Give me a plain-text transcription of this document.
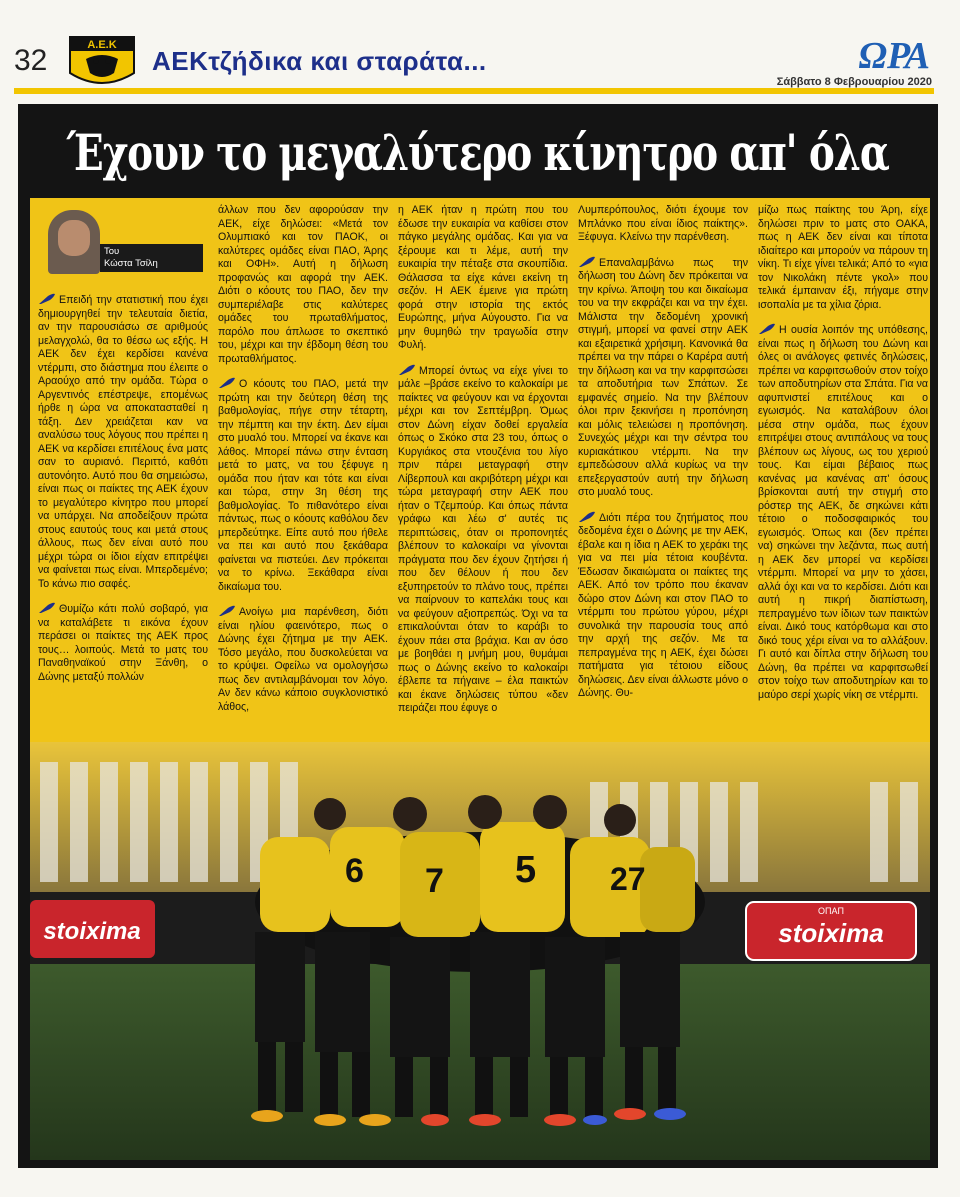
32	Α.Ε.Κ
ΑΕΚτζήδικα και σταράτα...	ΩΡΑ
Σάββατο 8 Φεβρουαρίου 2020
Έχουν το μεγαλύτερο κίνητρο απ' όλα
Του
Κώστα Τσίλη

Επειδή την στατιστική που έχει δημιουργηθεί την τελευταία διετία, αν την παρουσιάσω σε αριθμούς μελαγχολώ, θα το θέσω ως εξής. Η ΑΕΚ δεν έχει κερδίσει κανένα ντέρμπι, στο διάστημα που έλειπε ο Αραούχο από την ομάδα. Τώρα ο Αργεντινός επέστρεψε, επομένως ήρθε η ώρα να αποκατασταθεί η τάξη. Δεν χρειάζεται καν να αναλύσω τους λόγους που πρέπει η ΑΕΚ να κερδίσει επιτέλους ένα ματς σαν το αυριανό. Περιττό, καθότι αυτονόητο. Αυτό που θα σημειώσω, είναι πως οι παίκτες της ΑΕΚ έχουν το μεγαλύτερο κίνητρο που μπορεί να υπάρχει. Να αποδείξουν πρώτα στους εαυτούς τους και μετά στους άλλους, πως δεν είναι αυτό που μέχρι τώρα οι ίδιοι είχαν επιτρέψει να φαίνεται πως είναι. Μπερδεμένο; Το κάνω πιο σαφές.

Θυμίζω κάτι πολύ σοβαρό, για να καταλάβετε τι εικόνα έχουν περάσει οι παίκτες της ΑΕΚ προς τους… λοιπούς. Μετά το ματς του Παναθηναϊκού στην Ξάνθη, ο Δώνης μεταξύ πολλών

άλλων που δεν αφορούσαν την ΑΕΚ, είχε δηλώσει: «Μετά τον Ολυμπιακό και τον ΠΑΟΚ, οι καλύτερες ομάδες είναι ΠΑΟ, Άρης και ΟΦΗ». Αυτή η δήλωση προφανώς και αφορά την ΑΕΚ. Διότι ο κόουτς του ΠΑΟ, δεν την συμπεριέλαβε στις καλύτερες ομάδες του πρωταθλήματος, παρόλο που άπλωσε το σκεπτικό του, μέχρι και την έβδομη θέση του πρωταθλήματος.

Ο κόουτς του ΠΑΟ, μετά την πρώτη και την δεύτερη θέση της βαθμολογίας, πήγε στην τέταρτη, την πέμπτη και την έκτη. Δεν είμαι στο μυαλό του. Μπορεί να έκανε και λάθος. Μπορεί πάνω στην ένταση μετά το ματς, να του ξέφυγε η ομάδα που ήταν και τότε και είναι και τώρα, στην 3η θέση της βαθμολογίας. Το πιθανότερο είναι πάντως, πως ο κόουτς καθόλου δεν μπερδεύτηκε. Είπε αυτό που ήθελε να πει και αυτό που ξεκάθαρα φαίνεται να πιστεύει. Δεν πρόκειται να το κρίνω. Ξεκάθαρα είναι δικαίωμα του.

Ανοίγω μια παρένθεση, διότι είναι ηλίου φαεινότερο, πως ο Δώνης έχει ζήτημα με την ΑΕΚ. Τόσο μεγάλο, που δυσκολεύεται να το κρύψει. Οφείλω να ομολογήσω πως δεν αντιλαμβάνομαι τον λόγο. Αν δεν κάνω κάποιο συγκλονιστικό λάθος,

η ΑΕΚ ήταν η πρώτη που του έδωσε την ευκαιρία να καθίσει στον πάγκο μεγάλης ομάδας. Και για να ξέρουμε και τι λέμε, αυτή την ευκαιρία την πέταξε στα σκουπίδια. Θάλασσα τα είχε κάνει εκείνη τη σεζόν. Η ΑΕΚ έμεινε για πρώτη φορά στην ιστορία της εκτός Ευρώπης, μήνα Αύγουστο. Για να μην θυμηθώ την τραγωδία στην Φυλή.

Μπορεί όντως να είχε γίνει το μάλε –βράσε εκείνο το καλοκαίρι με παίκτες να φεύγουν και να έρχονται μέχρι και τον Σεπτέμβρη. Όμως στον Δώνη είχαν δοθεί εργαλεία όπως ο Σκόκο στα 23 του, όπως ο Κυργιάκος στα ντουζένια του λίγο πριν πάρει μεταγραφή στην Λίβερπουλ και ακριβότερη μέχρι και τώρα μεταγραφή στην ΑΕΚ που ήταν ο Τζεμπούρ. Και όπως πάντα γράφω και λέω σ' αυτές τις περιπτώσεις, όταν οι προπονητές βλέπουν το καλοκαίρι να γίνονται πράγματα που δεν έχουν ζητήσει ή που δεν θέλουν ή που δεν εξυπηρετούν το πλάνο τους, πρέπει να παίρνουν το καπελάκι τους και να φεύγουν αξιοπρεπώς. Όχι να τα επικαλούνται όταν το καράβι το έχουν πάει στα βράχια. Και αν όσο με βοηθάει η μνήμη μου, θυμάμαι πως ο Δώνης εκείνο το καλοκαίρι έβλεπε τα πήγαινε – έλα παικτών και έκανε δηλώσεις τύπου «δεν πειράζει που έφυγε ο

Λυμπερόπουλος, διότι έχουμε τον Μπλάνκο που είναι ίδιος παίκτης». Ξέφυγα. Κλείνω την παρένθεση.

Επαναλαμβάνω πως την δήλωση του Δώνη δεν πρόκειται να την κρίνω. Άποψη του και δικαίωμα του να την εκφράζει και να την έχει. Μάλιστα την δεδομένη χρονική στιγμή, μπορεί να φανεί στην ΑΕΚ και εξαιρετικά χρήσιμη. Κανονικά θα πρέπει να την πάρει ο Καρέρα αυτή την δήλωση και να την καρφιτσώσει τα αποδυτήρια των Σπάτων. Σε εμφανές σημείο. Να την βλέπουν όλοι πριν ξεκινήσει η προπόνηση και μόλις τελειώσει η προπόνηση. Συνεχώς μέχρι και την σέντρα του κυριακάτικου ντέρμπι. Να την εμπεδώσουν αλλά κυρίως να την επεξεργαστούν αυτή την δήλωση στο μυαλό τους.

Διότι πέρα του ζητήματος που δεδομένα έχει ο Δώνης με την ΑΕΚ, έβαλε και η ίδια η ΑΕΚ το χεράκι της για να πει μία τέτοια κουβέντα. Έδωσαν δικαιώματα οι παίκτες της ΑΕΚ. Από τον τρόπο που έκαναν δώρο στον Δώνη και στον ΠΑΟ το ντέρμπι του πρώτου γύρου, μέχρι συνολικά την παρουσία τους από την αρχή της σεζόν. Με τα πεπραγμένα της η ΑΕΚ, έχει δώσει πατήματα για τέτοιου είδους δηλώσεις. Δεν είναι άλλωστε μόνο ο Δώνης. Θυ-

μίζω πως παίκτης του Άρη, είχε δηλώσει πριν το ματς στο ΟΑΚΑ, πως η ΑΕΚ δεν είναι και τίποτα ιδιαίτερο και μπορούν να πάρουν τη νίκη. Τι είχε γίνει τελικά; Από το «για τον Νικολάκη πέντε γκολ» που τελικά έμπαιναν έξι, πήγαμε στην ισοπαλία με τα χίλια ζόρια.

Η ουσία λοιπόν της υπόθεσης, είναι πως η δήλωση του Δώνη και όλες οι ανάλογες φετινές δηλώσεις, πρέπει να καρφιτσωθούν στον τοίχο των αποδυτηρίων στα Σπάτα. Για να αφυπνιστεί επιτέλους και ο εγωισμός. Να καταλάβουν όλοι μέσα στην ομάδα, πως έχουν επιτρέψει στους αντιπάλους να τους βλέπουν ως λίγους, ως του χεριού τους. Και είμαι βέβαιος πως κανένας μα κανένας απ' όσους βρίσκονται αυτή την στιγμή στο ρόστερ της ΑΕΚ, δε σηκώνει κάτι τέτοιο ο ποδοσφαιρικός του εγωισμός. Όπως και (δεν πρέπει να) σηκώνει την λεζάντα, πως αυτή η ΑΕΚ δεν μπορεί να κερδίσει ντέρμπι. Μπορεί να μην το χάσει, αλλά όχι και να το κερδίσει. Διότι και αυτή η πικρή διαπίστωση, πεπραγμένο των ίδιων των παικτών είναι. Δικό τους κατόρθωμα και στο δικό τους χέρι είναι να το αλλάξουν. Γι αυτό και δίπλα στην δήλωση του Δώνη, θα πρέπει να καρφιτσωθεί στον τοίχο των αποδυτηρίων και το μαύρο σερί χωρίς νίκη σε ντέρμπι.

stoixima
ΟΠΑΠ
stoixima
6 7 5 27
